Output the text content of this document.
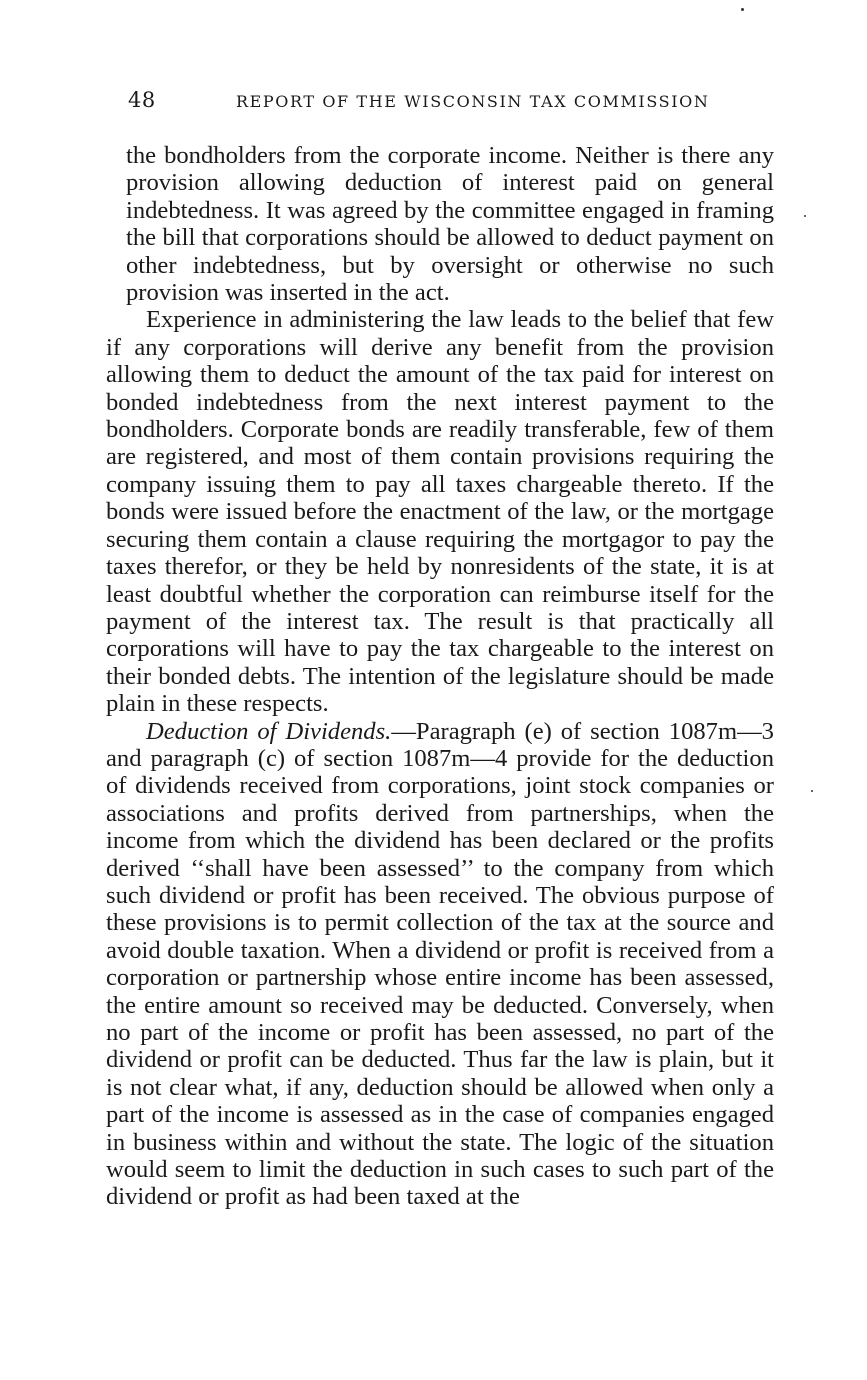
48	REPORT OF THE WISCONSIN TAX COMMISSION

the bondholders from the corporate income. Neither is there any provision allowing deduction of interest paid on general indebtedness. It was agreed by the committee engaged in framing the bill that corporations should be allowed to deduct payment on other indebtedness, but by oversight or otherwise no such provision was inserted in the act.

Experience in administering the law leads to the belief that few if any corporations will derive any benefit from the provision allowing them to deduct the amount of the tax paid for interest on bonded indebtedness from the next interest payment to the bondholders. Corporate bonds are readily transferable, few of them are registered, and most of them contain provisions requiring the company issuing them to pay all taxes chargeable thereto. If the bonds were issued before the enactment of the law, or the mortgage securing them contain a clause requiring the mortgagor to pay the taxes therefor, or they be held by nonresidents of the state, it is at least doubtful whether the corporation can reimburse itself for the payment of the interest tax. The result is that practically all corporations will have to pay the tax chargeable to the interest on their bonded debts. The intention of the legislature should be made plain in these respects.

Deduction of Dividends.—Paragraph (e) of section 1087m—3 and paragraph (c) of section 1087m—4 provide for the deduction of dividends received from corporations, joint stock companies or associations and profits derived from partnerships, when the income from which the dividend has been declared or the profits derived ‘‘shall have been assessed’’ to the company from which such dividend or profit has been received. The obvious purpose of these provisions is to permit collection of the tax at the source and avoid double taxation. When a dividend or profit is received from a corporation or partnership whose entire income has been assessed, the entire amount so received may be deducted. Conversely, when no part of the income or profit has been assessed, no part of the dividend or profit can be deducted. Thus far the law is plain, but it is not clear what, if any, deduction should be allowed when only a part of the income is assessed as in the case of companies engaged in business within and without the state. The logic of the situation would seem to limit the deduction in such cases to such part of the dividend or profit as had been taxed at the
